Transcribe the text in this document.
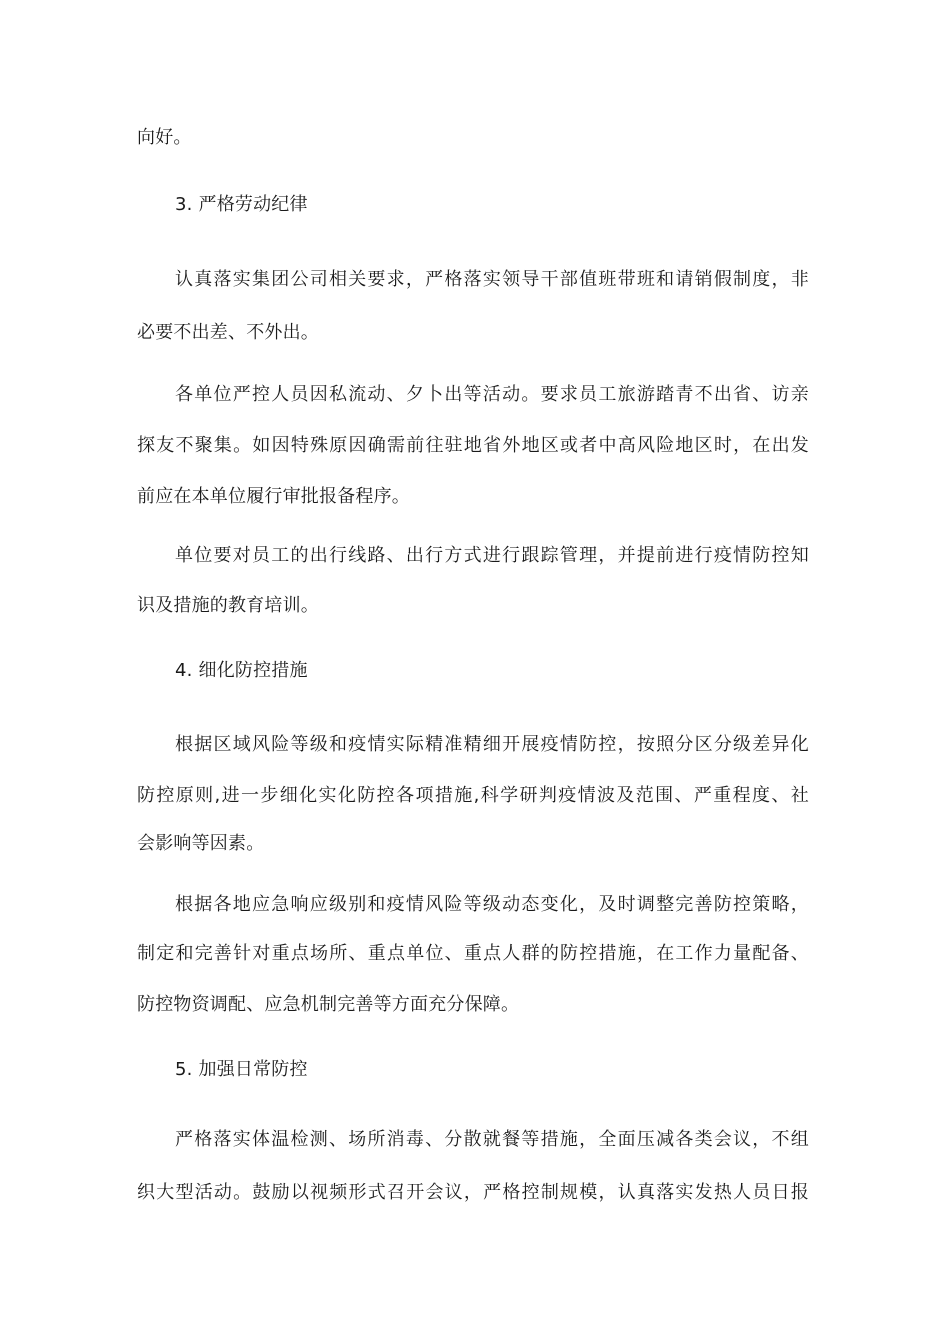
向好。
3. 严格劳动纪律
认真落实集团公司相关要求，严格落实领导干部值班带班和请销假制度，非
必要不出差、不外出。
各单位严控人员因私流动、夕卜出等活动。要求员工旅游踏青不出省、访亲
探友不聚集。如因特殊原因确需前往驻地省外地区或者中高风险地区时，在出发
前应在本单位履行审批报备程序。
单位要对员工的出行线路、出行方式进行跟踪管理，并提前进行疫情防控知
识及措施的教育培训。
4. 细化防控措施
根据区域风险等级和疫情实际精准精细开展疫情防控，按照分区分级差异化
防控原则,进一步细化实化防控各项措施,科学研判疫情波及范围、严重程度、社
会影响等因素。
根据各地应急响应级别和疫情风险等级动态变化，及时调整完善防控策略，
制定和完善针对重点场所、重点单位、重点人群的防控措施，在工作力量配备、
防控物资调配、应急机制完善等方面充分保障。
5. 加强日常防控
严格落实体温检测、场所消毒、分散就餐等措施，全面压减各类会议，不组
织大型活动。鼓励以视频形式召开会议，严格控制规模，认真落实发热人员日报
